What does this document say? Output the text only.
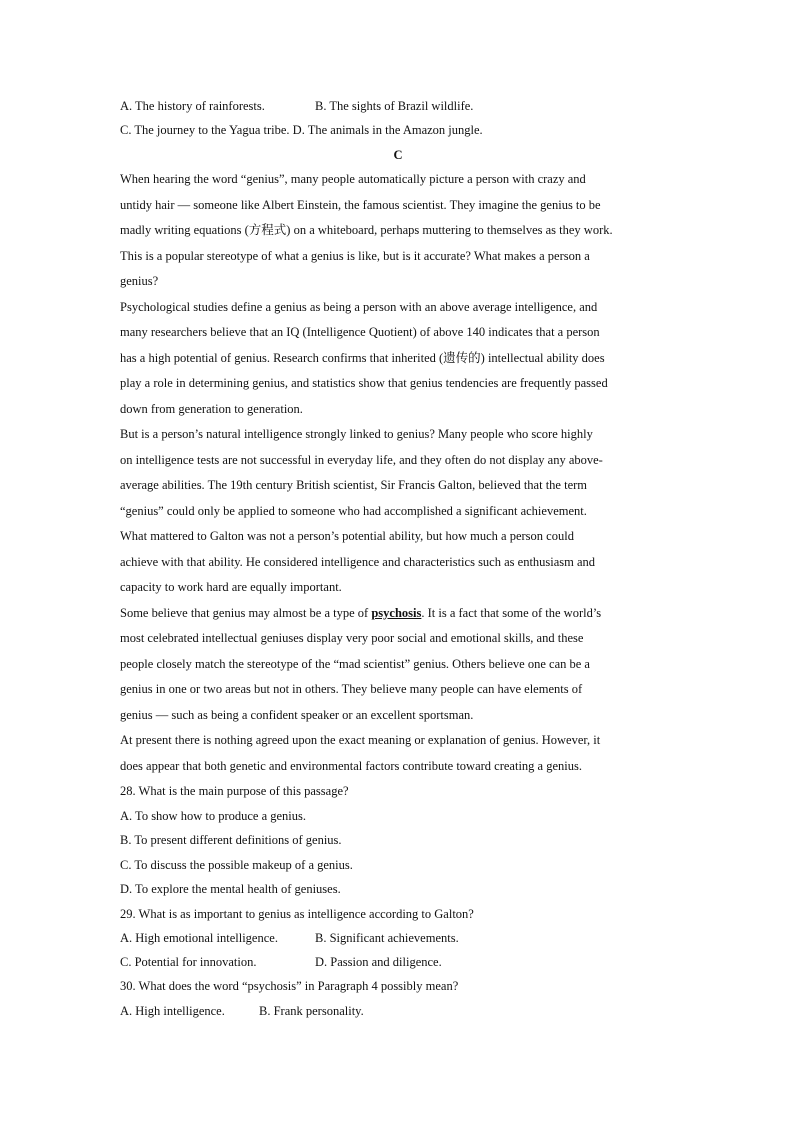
A. The history of rainforests.	B. The sights of Brazil wildlife.
C. The journey to the Yagua tribe. D. The animals in the Amazon jungle.
C
When hearing the word “genius”, many people automatically picture a person with crazy and
untidy hair — someone like Albert Einstein, the famous scientist. They imagine the genius to be
madly writing equations (方程式) on a whiteboard, perhaps muttering to themselves as they work.
This is a popular stereotype of what a genius is like, but is it accurate? What makes a person a
genius?
Psychological studies define a genius as being a person with an above average intelligence, and
many researchers believe that an IQ (Intelligence Quotient) of above 140 indicates that a person
has a high potential of genius. Research confirms that inherited (遗传的) intellectual ability does
play a role in determining genius, and statistics show that genius tendencies are frequently passed
down from generation to generation.
But is a person’s natural intelligence strongly linked to genius? Many people who score highly
on intelligence tests are not successful in everyday life, and they often do not display any above-
average abilities. The 19th century British scientist, Sir Francis Galton, believed that the term
“genius” could only be applied to someone who had accomplished a significant achievement.
What mattered to Galton was not a person’s potential ability, but how much a person could
achieve with that ability. He considered intelligence and characteristics such as enthusiasm and
capacity to work hard are equally important.
Some believe that genius may almost be a type of psychosis. It is a fact that some of the world’s
most celebrated intellectual geniuses display very poor social and emotional skills, and these
people closely match the stereotype of the “mad scientist” genius. Others believe one can be a
genius in one or two areas but not in others. They believe many people can have elements of
genius — such as being a confident speaker or an excellent sportsman.
At present there is nothing agreed upon the exact meaning or explanation of genius. However, it
does appear that both genetic and environmental factors contribute toward creating a genius.
28. What is the main purpose of this passage?
A. To show how to produce a genius.
B. To present different definitions of genius.
C. To discuss the possible makeup of a genius.
D. To explore the mental health of geniuses.
29. What is as important to genius as intelligence according to Galton?
A. High emotional intelligence.	B. Significant achievements.
C. Potential for innovation.	D. Passion and diligence.
30. What does the word “psychosis” in Paragraph 4 possibly mean?
A. High intelligence.	B. Frank personality.
